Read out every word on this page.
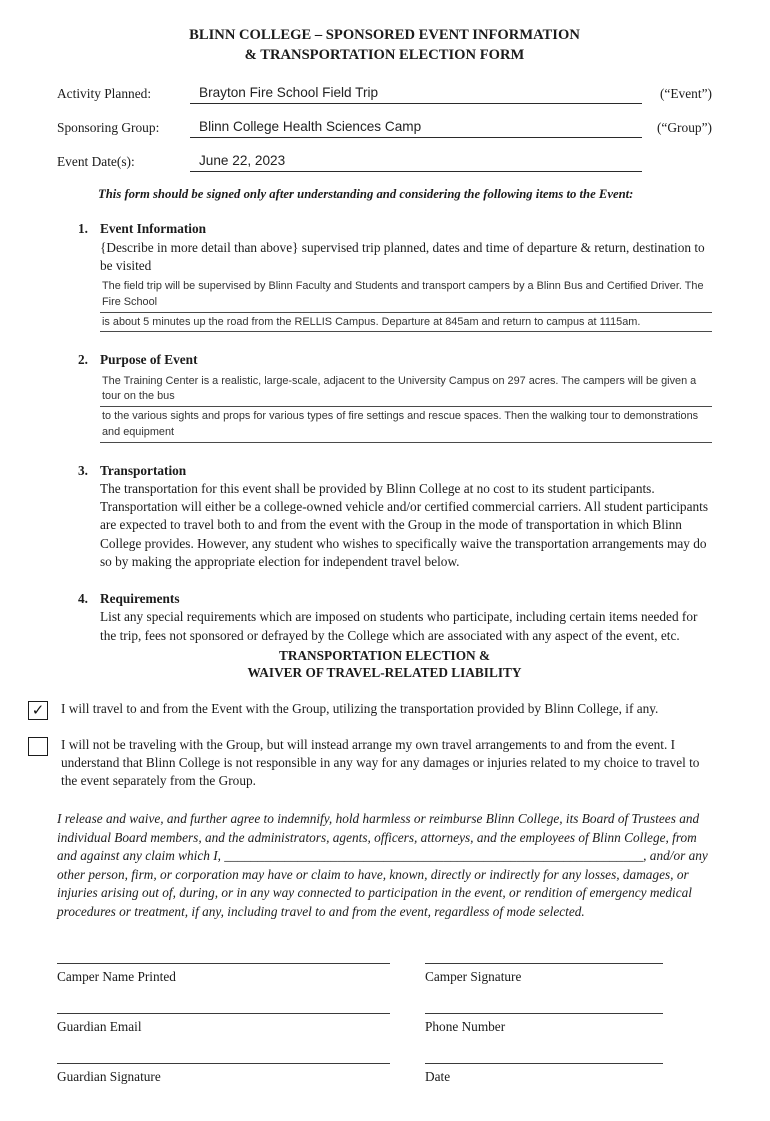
BLINN COLLEGE – SPONSORED EVENT INFORMATION
& TRANSPORTATION ELECTION FORM
Activity Planned:	Brayton Fire School Field Trip	(“Event”)
Sponsoring Group:	Blinn College Health Sciences Camp	(“Group”)
Event Date(s):	June 22, 2023
This form should be signed only after understanding and considering the following items to the Event:
1. Event Information
{Describe in more detail than above} supervised trip planned, dates and time of departure & return, destination to be visited
The field trip will be supervised by Blinn Faculty and Students and transport campers by a Blinn Bus and Certified Driver. The Fire School
is about 5 minutes up the road from the RELLIS Campus. Departure at 845am and return to campus at 1115am.
2. Purpose of Event
The Training Center is a realistic, large-scale, adjacent to the University Campus on 297 acres. The campers will be given a tour on the bus
to the various sights and props for various types of fire settings and rescue spaces. Then the walking tour to demonstrations and equipment
3. Transportation
The transportation for this event shall be provided by Blinn College at no cost to its student participants. Transportation will either be a college-owned vehicle and/or certified commercial carriers. All student participants are expected to travel both to and from the event with the Group in the mode of transportation in which Blinn College provides. However, any student who wishes to specifically waive the transportation arrangements may do so by making the appropriate election for independent travel below.
4. Requirements
List any special requirements which are imposed on students who participate, including certain items needed for the trip, fees not sponsored or defrayed by the College which are associated with any aspect of the event, etc.
TRANSPORTATION ELECTION &
WAIVER OF TRAVEL-RELATED LIABILITY
✓ I will travel to and from the Event with the Group, utilizing the transportation provided by Blinn College, if any.
I will not be traveling with the Group, but will instead arrange my own travel arrangements to and from the event. I understand that Blinn College is not responsible in any way for any damages or injuries related to my choice to travel to the event separately from the Group.
I release and waive, and further agree to indemnify, hold harmless or reimburse Blinn College, its Board of Trustees and individual Board members, and the administrators, agents, officers, attorneys, and the employees of Blinn College, from and against any claim which I, _______________________________________________________________, and/or any other person, firm, or corporation may have or claim to have, known, directly or indirectly for any losses, damages, or injuries arising out of, during, or in any way connected to participation in the event, or rendition of emergency medical procedures or treatment, if any, including travel to and from the event, regardless of mode selected.
Camper Name Printed	Camper Signature
Guardian Email	Phone Number
Guardian Signature	Date
